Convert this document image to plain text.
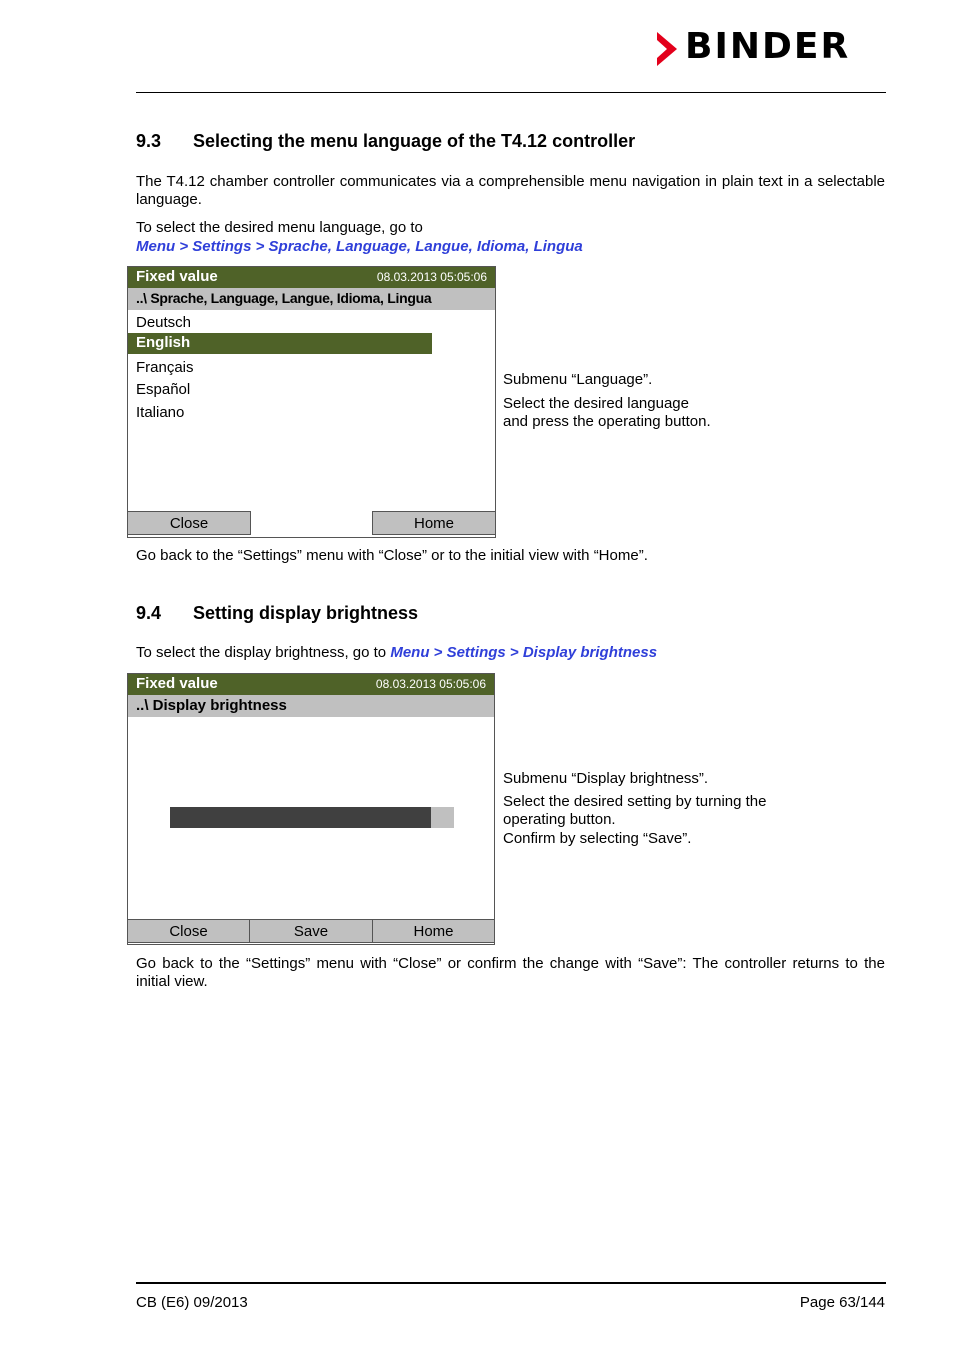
BINDER
9.3 Selecting the menu language of the T4.12 controller
The T4.12 chamber controller communicates via a comprehensible menu navigation in plain text in a selectable language.
To select the desired menu language, go to
Menu > Settings > Sprache, Language, Langue, Idioma, Lingua
Fixed value	08.03.2013 05:05:06
..\ Sprache, Language, Langue, Idioma, Lingua
Deutsch
English
Français
Español
Italiano
Close	Home
Submenu “Language”.
Select the desired language
and press the operating button.
Go back to the “Settings” menu with “Close” or to the initial view with “Home”.
9.4 Setting display brightness
To select the display brightness, go to Menu > Settings > Display brightness
Fixed value	08.03.2013 05:05:06
..\ Display brightness
Close	Save	Home
Submenu “Display brightness”.
Select the desired setting by turning the
operating button.
Confirm by selecting “Save”.
Go back to the “Settings” menu with “Close” or confirm the change with “Save”: The controller returns to the initial view.
CB (E6) 09/2013	Page 63/144
